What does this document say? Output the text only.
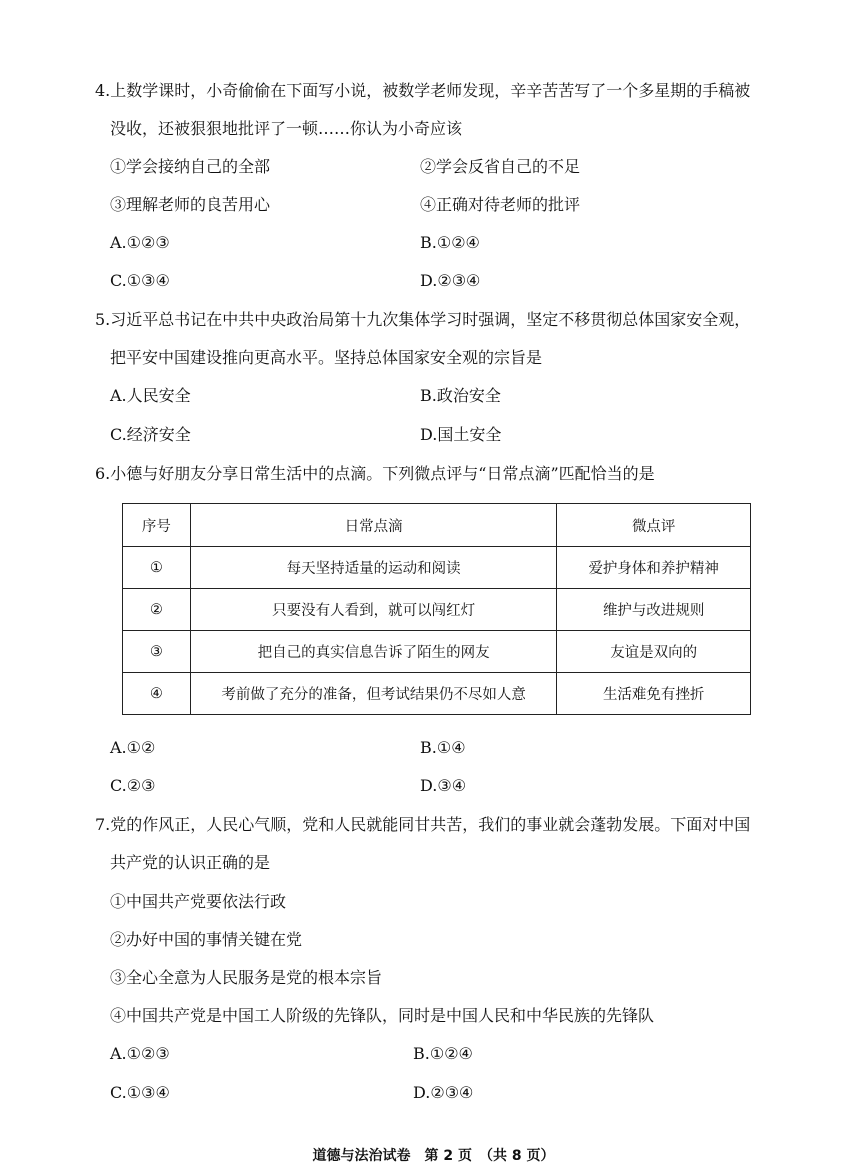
4.上数学课时，小奇偷偷在下面写小说，被数学老师发现，辛辛苦苦写了一个多星期的手稿被
没收，还被狠狠地批评了一顿……你认为小奇应该
①学会接纳自己的全部	②学会反省自己的不足
③理解老师的良苦用心	④正确对待老师的批评
A.①②③	B.①②④
C.①③④	D.②③④
5.习近平总书记在中共中央政治局第十九次集体学习时强调，坚定不移贯彻总体国家安全观，
把平安中国建设推向更高水平。坚持总体国家安全观的宗旨是
A.人民安全	B.政治安全
C.经济安全	D.国土安全
6.小德与好朋友分享日常生活中的点滴。下列微点评与“日常点滴”匹配恰当的是
序号	日常点滴	微点评
①	每天坚持适量的运动和阅读	爱护身体和养护精神
②	只要没有人看到，就可以闯红灯	维护与改进规则
③	把自己的真实信息告诉了陌生的网友	友谊是双向的
④	考前做了充分的准备，但考试结果仍不尽如人意	生活难免有挫折
A.①②	B.①④
C.②③	D.③④
7.党的作风正，人民心气顺，党和人民就能同甘共苦，我们的事业就会蓬勃发展。下面对中国
共产党的认识正确的是
①中国共产党要依法行政
②办好中国的事情关键在党
③全心全意为人民服务是党的根本宗旨
④中国共产党是中国工人阶级的先锋队，同时是中国人民和中华民族的先锋队
A.①②③	B.①②④
C.①③④	D.②③④
道德与法治试卷　第 2 页　（共 8 页）
